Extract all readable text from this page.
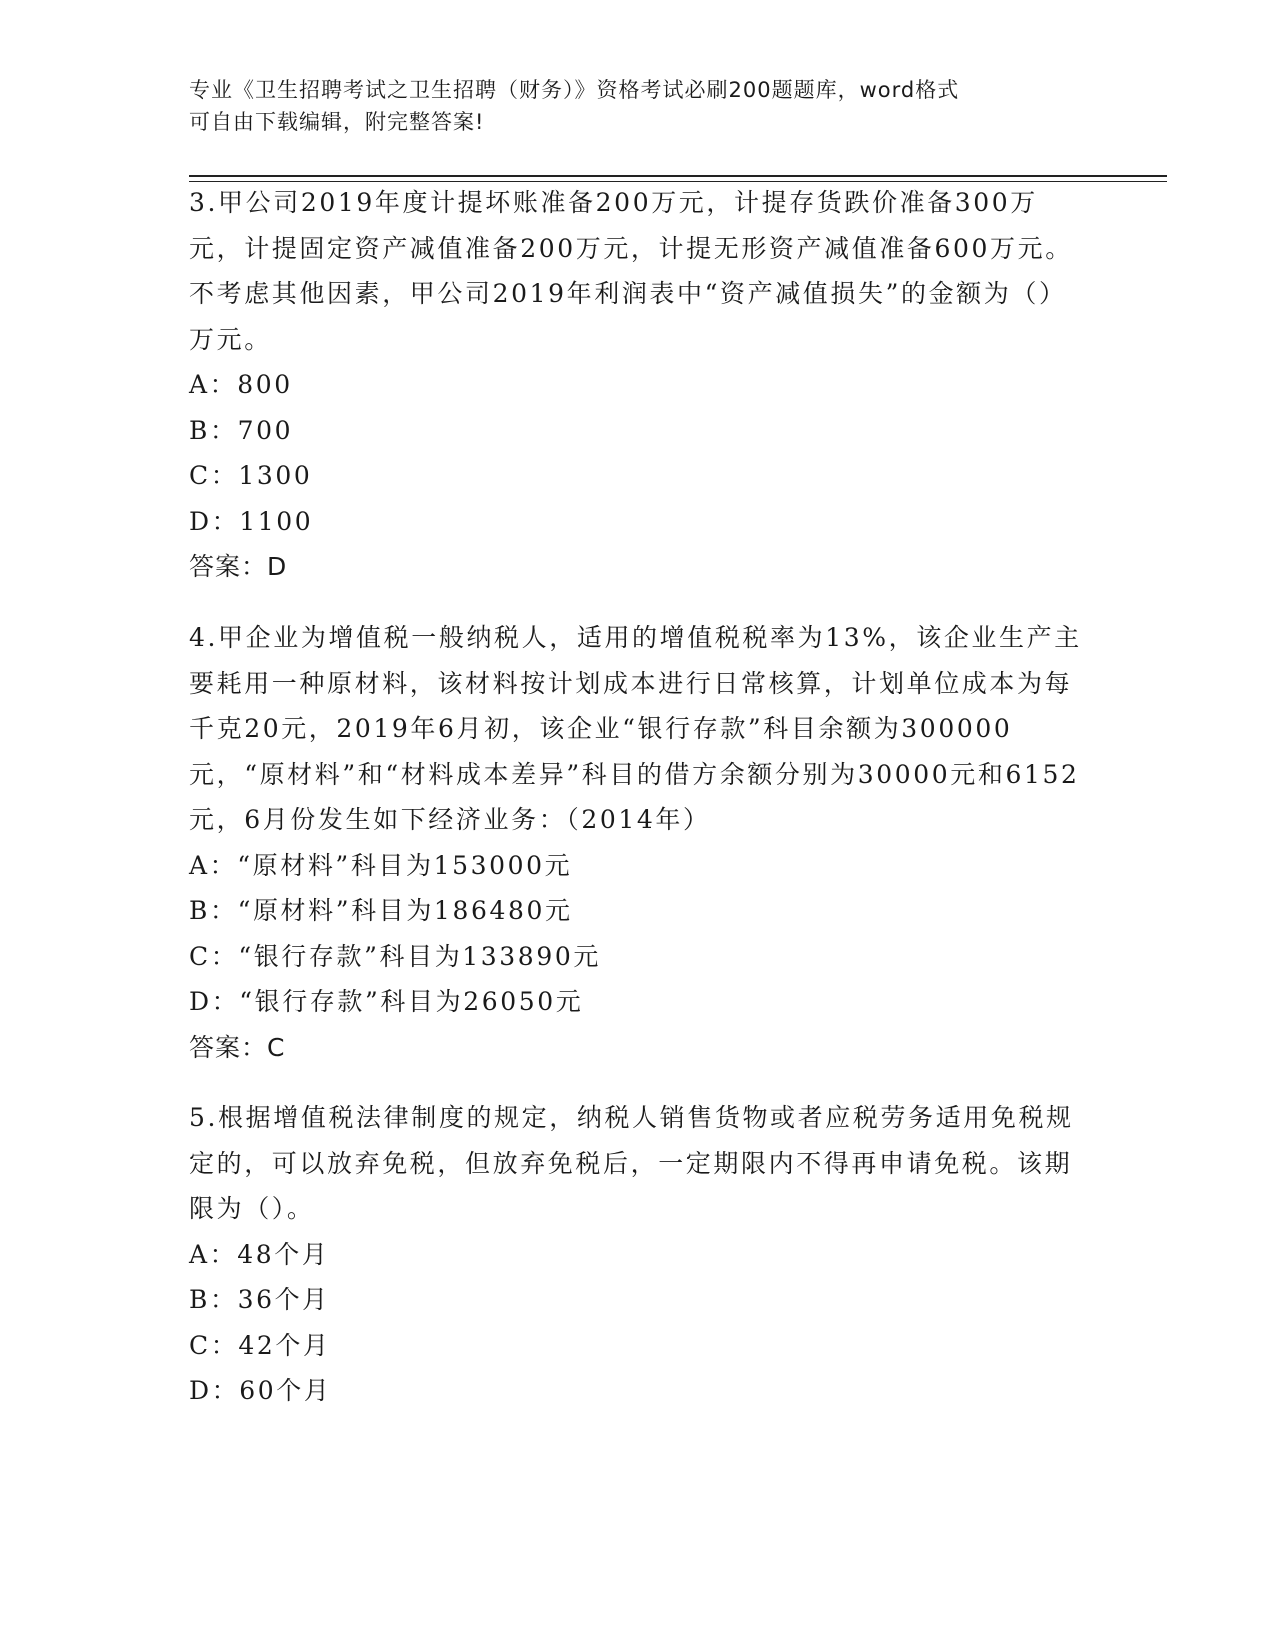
专业《卫生招聘考试之卫生招聘（财务）》资格考试必刷200题题库，word格式
可自由下载编辑，附完整答案!

3.甲公司2019年度计提坏账准备200万元，计提存货跌价准备300万元，计提固定资产减值准备200万元，计提无形资产减值准备600万元。不考虑其他因素，甲公司2019年利润表中“资产减值损失”的金额为（）万元。

A：800
B：700
C：1300
D：1100

答案：D

4.甲企业为增值税一般纳税人，适用的增值税税率为13%，该企业生产主要耗用一种原材料，该材料按计划成本进行日常核算，计划单位成本为每千克20元，2019年6月初，该企业“银行存款”科目余额为300000元，“原材料”和“材料成本差异”科目的借方余额分别为30000元和6152元，6月份发生如下经济业务：（2014年）

A：“原材料”科目为153000元
B：“原材料”科目为186480元
C：“银行存款”科目为133890元
D：“银行存款”科目为26050元

答案：C

5.根据增值税法律制度的规定，纳税人销售货物或者应税劳务适用免税规定的，可以放弃免税，但放弃免税后，一定期限内不得再申请免税。该期限为（）。

A：48个月
B：36个月
C：42个月
D：60个月
